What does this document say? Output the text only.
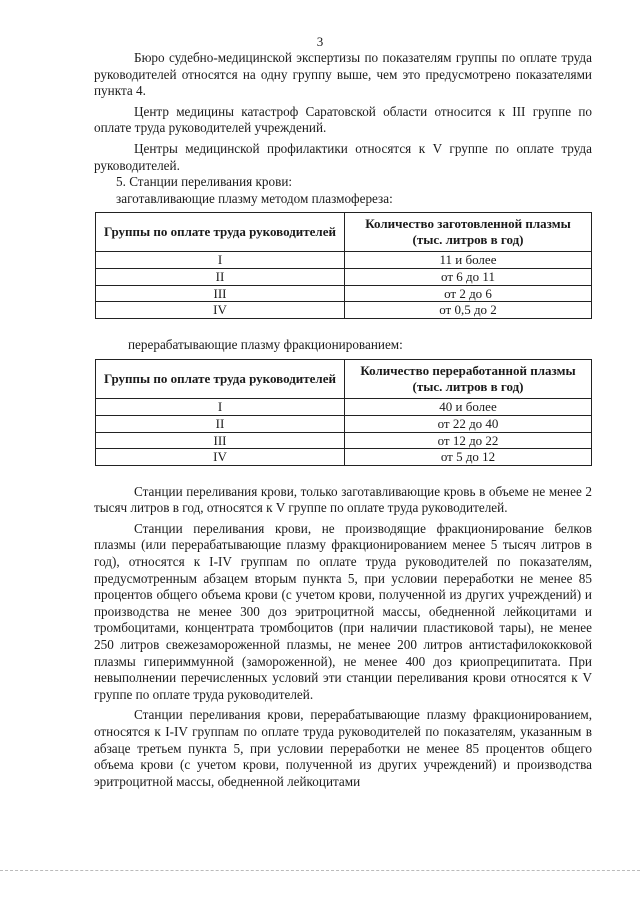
3

Бюро судебно-медицинской экспертизы по показателям группы по оплате труда руководителей относятся на одну группу выше, чем это предусмотрено показателями пункта 4.

Центр медицины катастроф Саратовской области относится к III группе по оплате труда руководителей учреждений.

Центры медицинской профилактики относятся к V группе по оплате труда руководителей.

5. Станции переливания крови:

заготавливающие плазму методом плазмофереза:

Группы по оплате труда руководителей	Количество заготовленной плазмы (тыс. литров в год)
I	11 и более
II	от 6 до 11
III	от 2 до 6
IV	от 0,5 до 2

перерабатывающие плазму фракционированием:

Группы по оплате труда руководителей	Количество переработанной плазмы (тыс. литров в год)
I	40 и более
II	от 22 до 40
III	от 12 до 22
IV	от 5 до 12

Станции переливания крови, только заготавливающие кровь в объеме не менее 2 тысяч литров в год, относятся к V группе по оплате труда руководителей.

Станции переливания крови, не производящие фракционирование белков плазмы (или перерабатывающие плазму фракционированием менее 5 тысяч литров в год), относятся к I-IV группам по оплате труда руководителей по показателям, предусмотренным абзацем вторым пункта 5, при условии переработки не менее 85 процентов общего объема крови (с учетом крови, полученной из других учреждений) и производства не менее 300 доз эритроцитной массы, обедненной лейкоцитами и тромбоцитами, концентрата тромбоцитов (при наличии пластиковой тары), не менее 250 литров свежезамороженной плазмы, не менее 200 литров антистафилококковой плазмы гипериммунной (замороженной), не менее 400 доз криопреципитата. При невыполнении перечисленных условий эти станции переливания крови относятся к V группе по оплате труда руководителей.

Станции переливания крови, перерабатывающие плазму фракционированием, относятся к I-IV группам по оплате труда руководителей по показателям, указанным в абзаце третьем пункта 5, при условии переработки не менее 85 процентов общего объема крови (с учетом крови, полученной из других учреждений) и производства эритроцитной массы, обедненной лейкоцитами
